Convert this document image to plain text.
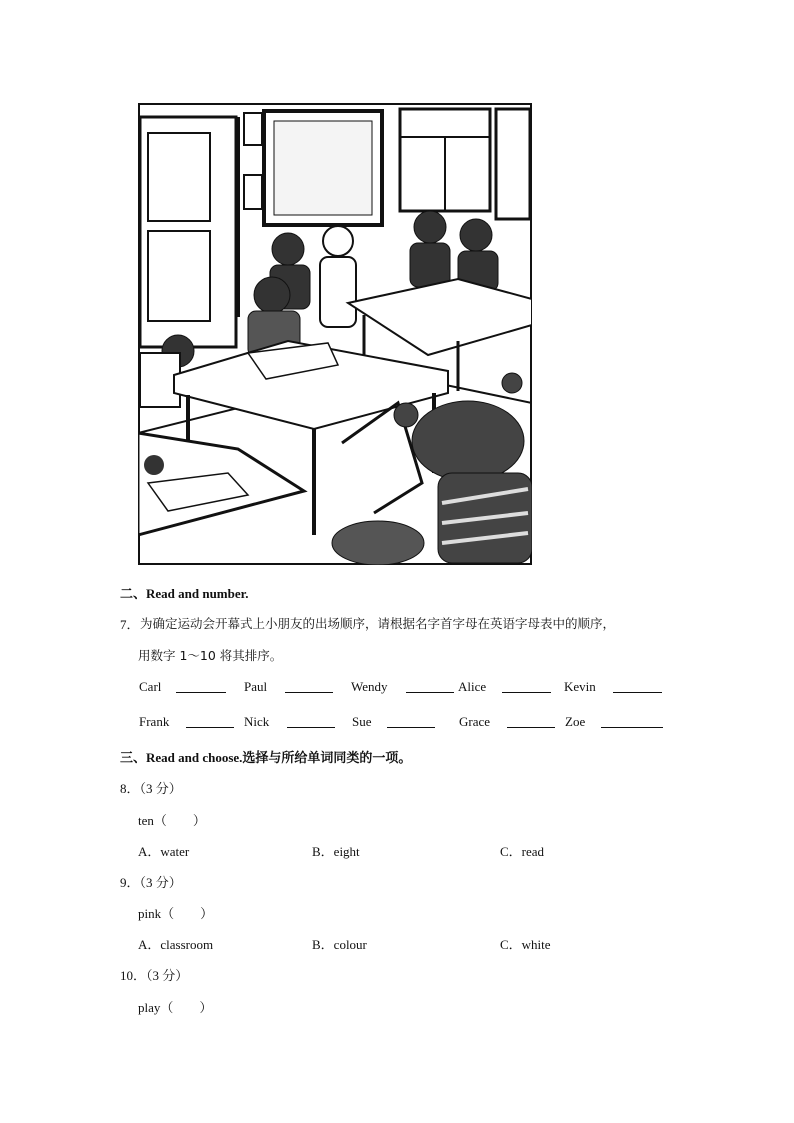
二、Read and number.
7． 为确定运动会开幕式上小朋友的出场顺序，请根据名字首字母在英语字母表中的顺序，
用数字 1～10 将其排序。
Carl	Paul	Wendy	Alice	Kevin
Frank	Nick	Sue	Grace	Zoe
三、Read and choose.选择与所给单词同类的一项。
8．（3 分）
ten（　　）
A．water	B．eight	C．read
9．（3 分）
pink（　　）
A．classroom	B．colour	C．white
10．（3 分）
play（　　）
